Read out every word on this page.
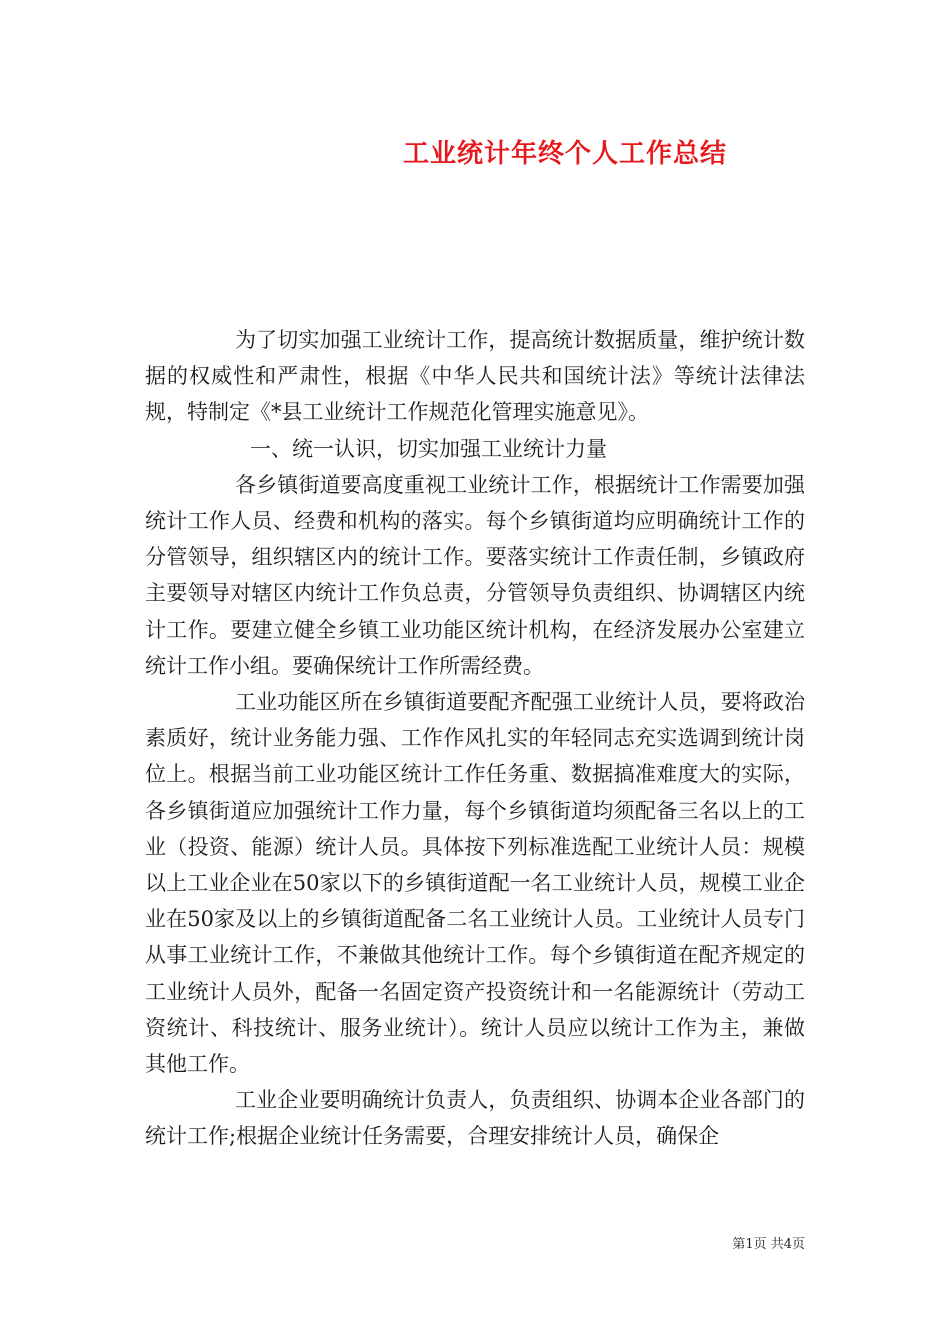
工业统计年终个人工作总结

为了切实加强工业统计工作，提高统计数据质量，维护统计数据的权威性和严肃性，根据《中华人民共和国统计法》等统计法律法规，特制定《*县工业统计工作规范化管理实施意见》。

一、统一认识，切实加强工业统计力量

各乡镇街道要高度重视工业统计工作，根据统计工作需要加强统计工作人员、经费和机构的落实。每个乡镇街道均应明确统计工作的分管领导，组织辖区内的统计工作。要落实统计工作责任制，乡镇政府主要领导对辖区内统计工作负总责，分管领导负责组织、协调辖区内统计工作。要建立健全乡镇工业功能区统计机构，在经济发展办公室建立统计工作小组。要确保统计工作所需经费。

工业功能区所在乡镇街道要配齐配强工业统计人员，要将政治素质好，统计业务能力强、工作作风扎实的年轻同志充实选调到统计岗位上。根据当前工业功能区统计工作任务重、数据搞准难度大的实际，各乡镇街道应加强统计工作力量，每个乡镇街道均须配备三名以上的工业（投资、能源）统计人员。具体按下列标准选配工业统计人员：规模以上工业企业在50家以下的乡镇街道配一名工业统计人员，规模工业企业在50家及以上的乡镇街道配备二名工业统计人员。工业统计人员专门从事工业统计工作，不兼做其他统计工作。每个乡镇街道在配齐规定的工业统计人员外，配备一名固定资产投资统计和一名能源统计（劳动工资统计、科技统计、服务业统计）。统计人员应以统计工作为主，兼做其他工作。

工业企业要明确统计负责人，负责组织、协调本企业各部门的统计工作;根据企业统计任务需要，合理安排统计人员，确保企

第1页 共4页
